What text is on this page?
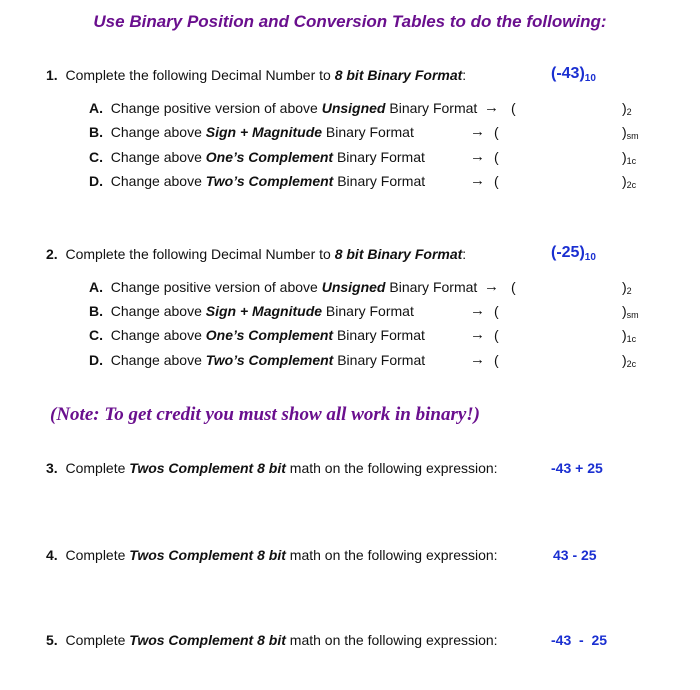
Use Binary Position and Conversion Tables to do the following:
1. Complete the following Decimal Number to 8 bit Binary Format:	$(-43)_{10}$
A. Change positive version of above Unsigned Binary Format → (	)$_2$
B. Change above Sign + Magnitude Binary Format	→ (	)$_{sm}$
C. Change above One’s Complement Binary Format	→ (	)$_{1c}$
D. Change above Two’s Complement Binary Format	→ (	)$_{2c}$
2. Complete the following Decimal Number to 8 bit Binary Format:	$(-25)_{10}$
A. Change positive version of above Unsigned Binary Format → (	)$_2$
B. Change above Sign + Magnitude Binary Format	→ (	)$_{sm}$
C. Change above One’s Complement Binary Format	→ (	)$_{1c}$
D. Change above Two’s Complement Binary Format	→ (	)$_{2c}$
(Note: To get credit you must show all work in binary!)
3. Complete Twos Complement 8 bit math on the following expression:	-43 + 25
4. Complete Twos Complement 8 bit math on the following expression:	43 - 25
5. Complete Twos Complement 8 bit math on the following expression:	-43  -  25
